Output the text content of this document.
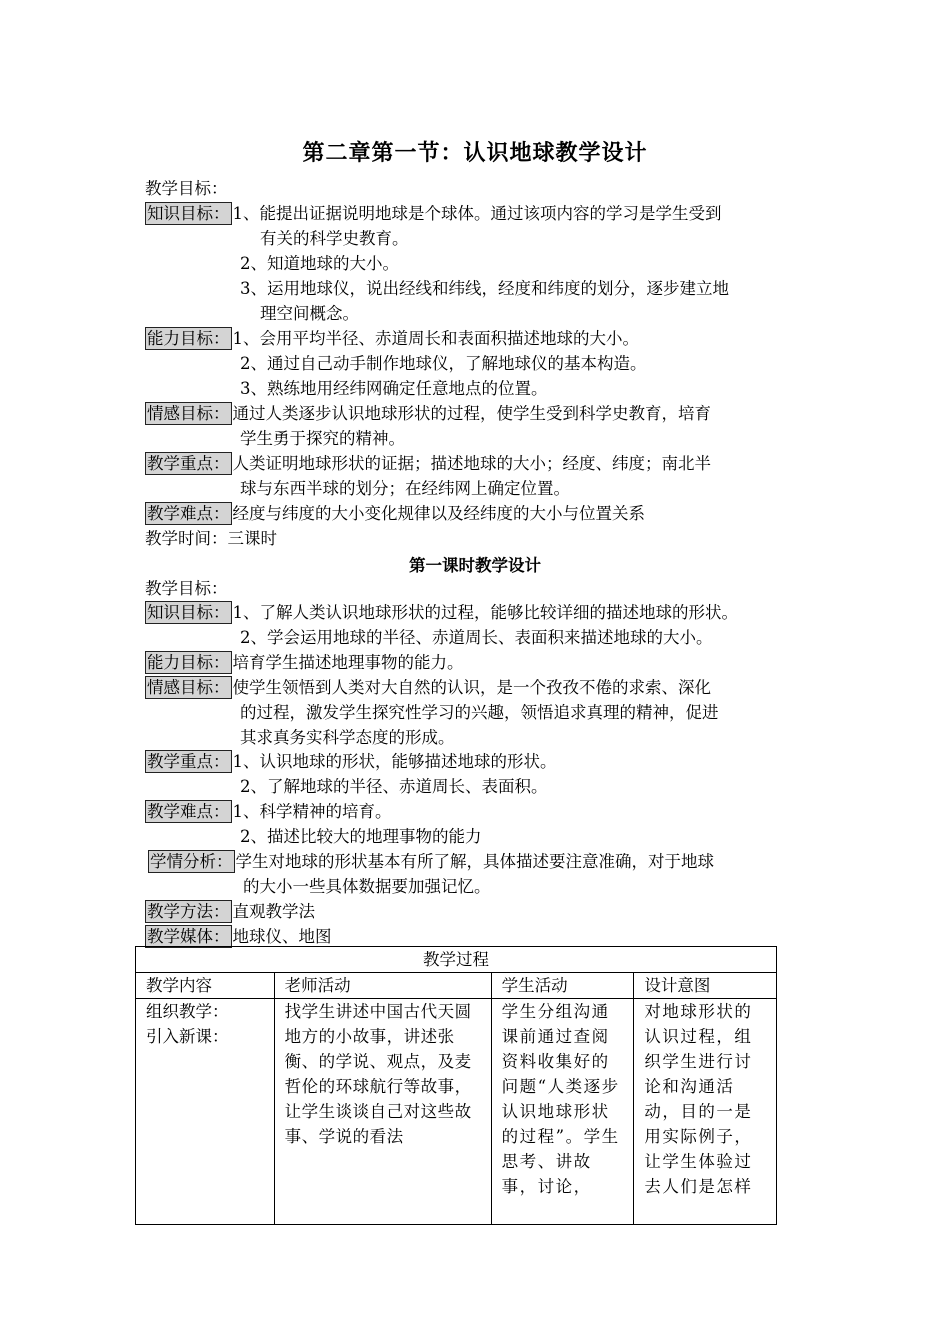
第二章第一节：认识地球教学设计
教学目标：
知识目标： 1、能提出证据说明地球是个球体。通过该项内容的学习是学生受到
有关的科学史教育。
2、知道地球的大小。
3、运用地球仪，说出经线和纬线，经度和纬度的划分，逐步建立地
理空间概念。
能力目标： 1、会用平均半径、赤道周长和表面积描述地球的大小。
2、通过自己动手制作地球仪，了解地球仪的基本构造。
3、熟练地用经纬网确定任意地点的位置。
情感目标： 通过人类逐步认识地球形状的过程，使学生受到科学史教育，培育
学生勇于探究的精神。
教学重点： 人类证明地球形状的证据；描述地球的大小；经度、纬度；南北半
球与东西半球的划分；在经纬网上确定位置。
教学难点： 经度与纬度的大小变化规律以及经纬度的大小与位置关系
教学时间：三课时
第一课时教学设计
教学目标：
知识目标： 1、了解人类认识地球形状的过程，能够比较详细的描述地球的形状。
2、学会运用地球的半径、赤道周长、表面积来描述地球的大小。
能力目标： 培育学生描述地理事物的能力。
情感目标： 使学生领悟到人类对大自然的认识，是一个孜孜不倦的求索、深化
的过程，激发学生探究性学习的兴趣，领悟追求真理的精神，促进
其求真务实科学态度的形成。
教学重点： 1、认识地球的形状，能够描述地球的形状。
2、了解地球的半径、赤道周长、表面积。
教学难点： 1、科学精神的培育。
2、描述比较大的地理事物的能力
学情分析： 学生对地球的形状基本有所了解，具体描述要注意准确，对于地球
的大小一些具体数据要加强记忆。
教学方法： 直观教学法
教学媒体： 地球仪、地图
教学过程			
教学内容	老师活动	学生活动	设计意图

组织教学：
引入新课：	找学生讲述中国古代天圆地方的小故事，讲述张衡、的学说、观点，及麦哲伦的环球航行等故事，让学生谈谈自己对这些故事、学说的看法	学生分组沟通课前通过查阅资料收集好的问题“人类逐步认识地球形状的过程”。学生思考、讲故事，讨论，	对地球形状的认识过程，组织学生进行讨论和沟通活动，目的一是用实际例子，让学生体验过去人们是怎样
